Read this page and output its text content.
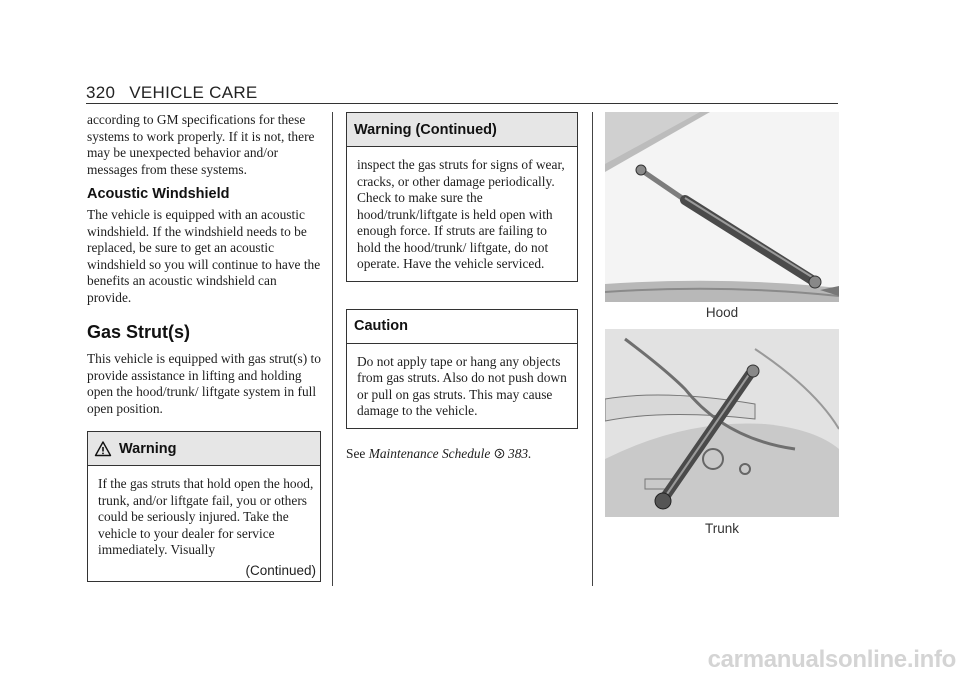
320 VEHICLE CARE

according to GM specifications for these systems to work properly. If it is not, there may be unexpected behavior and/or messages from these systems.

Acoustic Windshield

The vehicle is equipped with an acoustic windshield. If the windshield needs to be replaced, be sure to get an acoustic windshield so you will continue to have the benefits an acoustic windshield can provide.

Gas Strut(s)

This vehicle is equipped with gas strut(s) to provide assistance in lifting and holding open the hood/trunk/ liftgate system in full open position.

Warning

If the gas struts that hold open the hood, trunk, and/or liftgate fail, you or others could be seriously injured. Take the vehicle to your dealer for service immediately. Visually

(Continued)
Warning (Continued)

inspect the gas struts for signs of wear, cracks, or other damage periodically. Check to make sure the hood/trunk/liftgate is held open with enough force. If struts are failing to hold the hood/trunk/ liftgate, do not operate. Have the vehicle serviced.

Caution

Do not apply tape or hang any objects from gas struts. Also do not push down or pull on gas struts. This may cause damage to the vehicle.

See Maintenance Schedule 383.

Hood
Trunk
carmanualsonline.info
